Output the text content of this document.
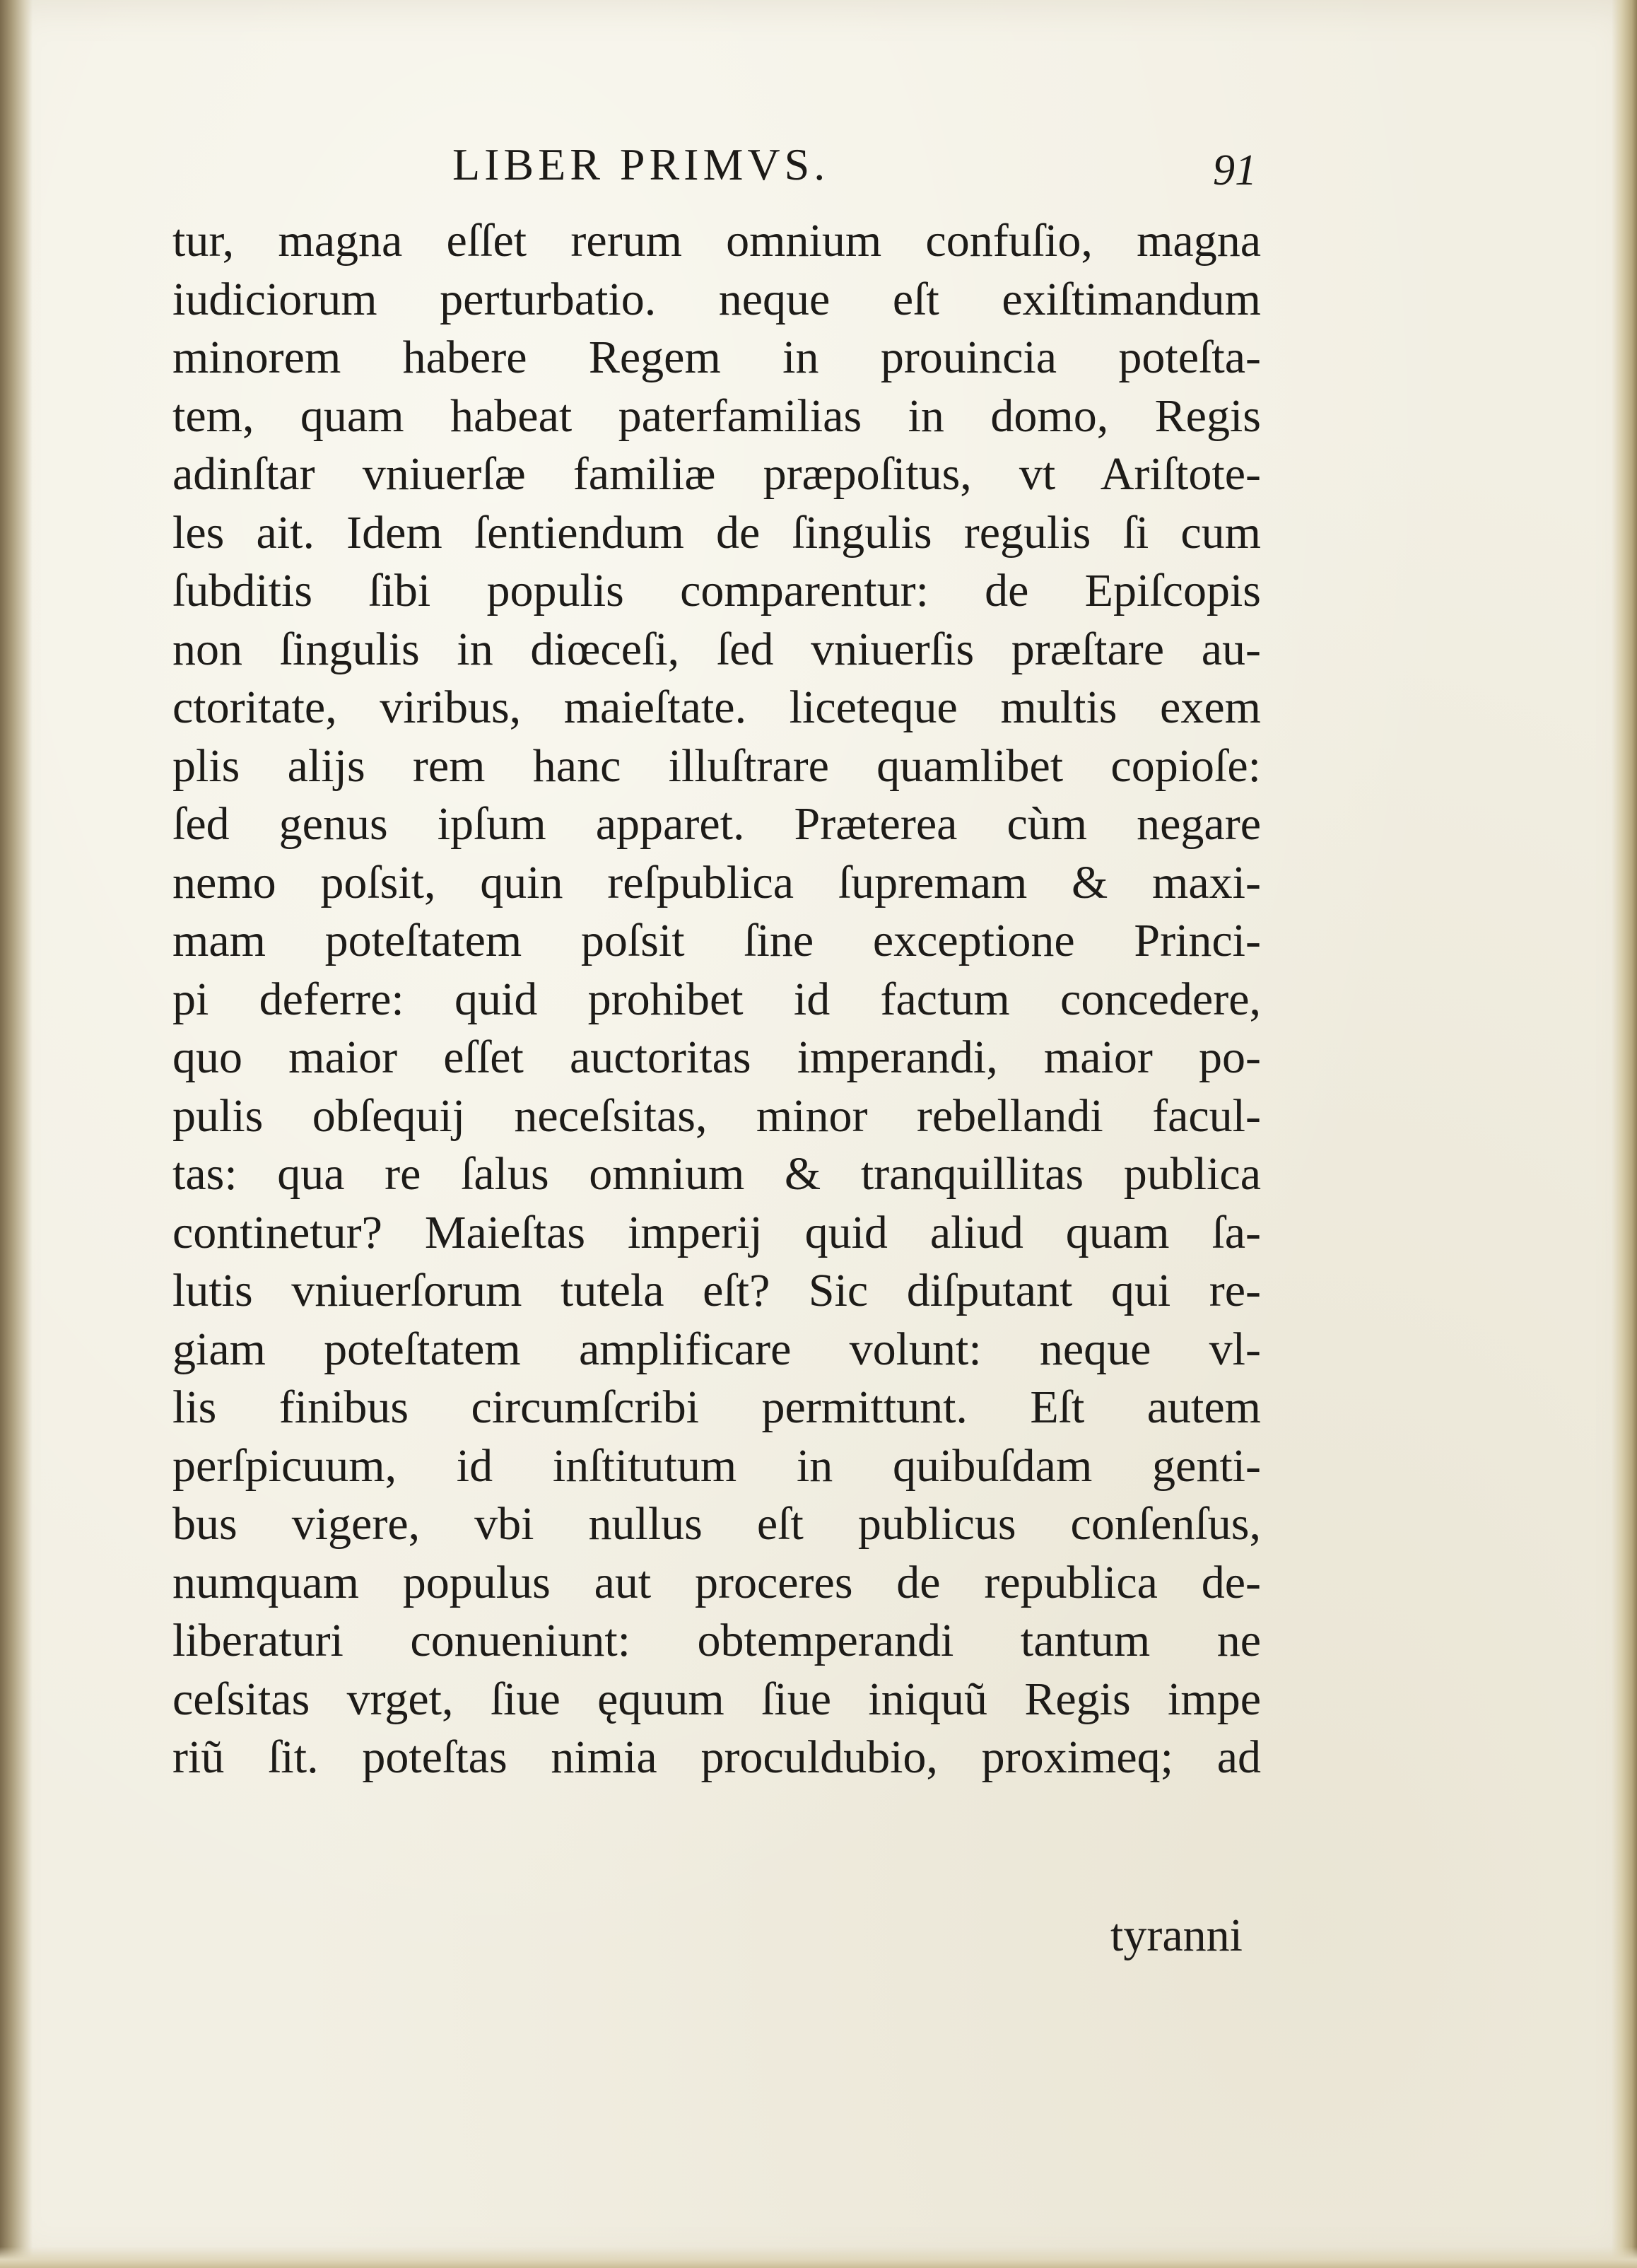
LIBER PRIMVS.	91
tur, magna eſſet rerum omnium confuſio, magna
iudiciorum perturbatio. neque eſt exiſtimandum
minorem habere Regem in prouincia poteſta-
tem, quam habeat paterfamilias in domo, Regis
adinſtar vniuerſæ familiæ præpoſitus, vt Ariſtote-
les ait. Idem ſentiendum de ſingulis regulis ſi cum
ſubditis ſibi populis comparentur: de Epiſcopis
non ſingulis in diœceſi, ſed vniuerſis præſtare au-
ctoritate, viribus, maieſtate. liceteque multis exem
plis alijs rem hanc illuſtrare quamlibet copioſe:
ſed genus ipſum apparet. Præterea cùm negare
nemo poſsit, quin reſpublica ſupremam & maxi-
mam poteſtatem poſsit ſine exceptione Princi-
pi deferre: quid prohibet id factum concedere,
quo maior eſſet auctoritas imperandi, maior po-
pulis obſequij neceſsitas, minor rebellandi facul-
tas: qua re ſalus omnium & tranquillitas publica
continetur? Maieſtas imperij quid aliud quam ſa-
lutis vniuerſorum tutela eſt? Sic diſputant qui re-
giam poteſtatem amplificare volunt: neque vl-
lis finibus circumſcribi permittunt. Eſt autem
perſpicuum, id inſtitutum in quibuſdam genti-
bus vigere, vbi nullus eſt publicus conſenſus,
numquam populus aut proceres de republica de-
liberaturi conueniunt: obtemperandi tantum ne
ceſsitas vrget, ſiue ęquum ſiue iniquũ Regis impe
riũ ſit. poteſtas nimia proculdubio, proximeq; ad
tyranni
